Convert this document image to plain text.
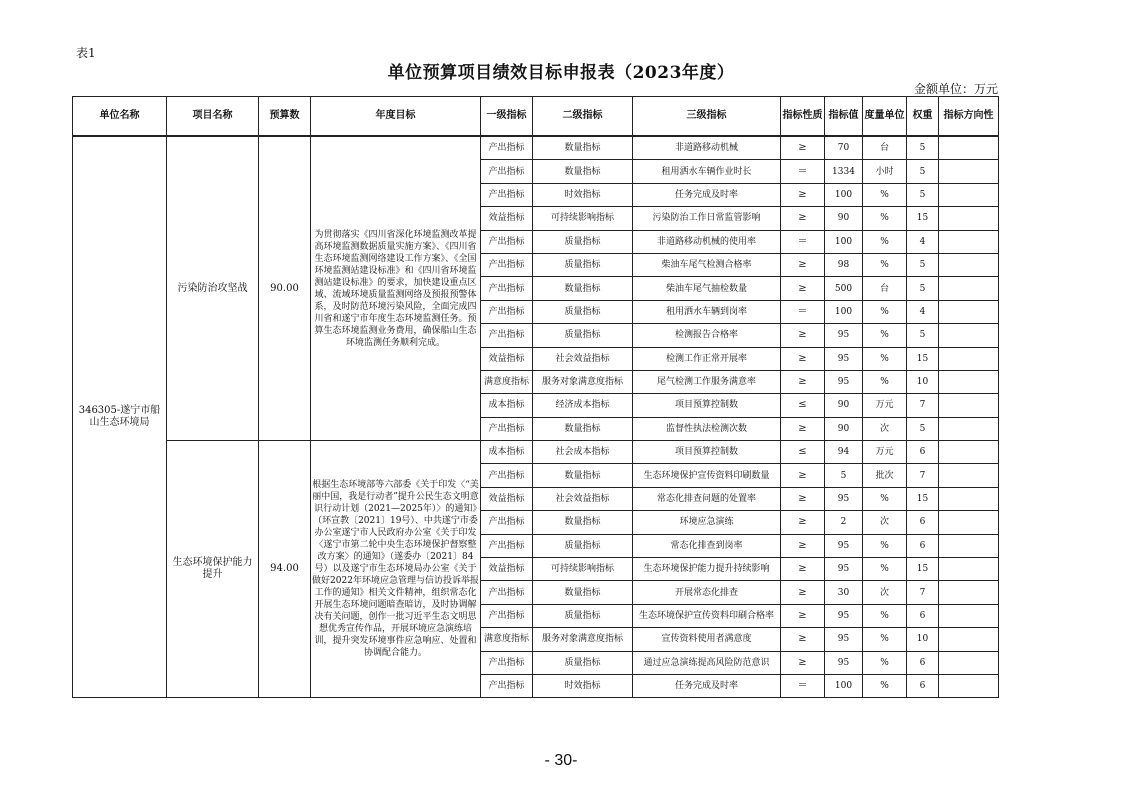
表1
单位预算项目绩效目标申报表（2023年度）
金额单位：万元
单位名称	项目名称	预算数	年度目标	一级指标	二级指标	三级指标	指标性质	指标值	度量单位	权重	指标方向性
346305-遂宁市船山生态环境局	污染防治攻坚战	90.00	为贯彻落实《四川省深化环境监测改革提高环境监测数据质量实施方案》、《四川省生态环境监测网络建设工作方案》、《全国环境监测站建设标准》和《四川省环境监测站建设标准》的要求，加快建设重点区域、流域环境质量监测网络及预报预警体系，及时防范环境污染风险，全面完成四川省和遂宁市年度生态环境监测任务。预算生态环境监测业务费用，确保船山生态环境监测任务顺利完成。	产出指标	数量指标	非道路移动机械	≥	70	台	5	
				产出指标	数量指标	租用洒水车辆作业时长	＝	1334	小时	5	
				产出指标	时效指标	任务完成及时率	≥	100	%	5	
				效益指标	可持续影响指标	污染防治工作日常监管影响	≥	90	%	15	
				产出指标	质量指标	非道路移动机械的使用率	＝	100	%	4	
				产出指标	质量指标	柴油车尾气检测合格率	≥	98	%	5	
				产出指标	数量指标	柴油车尾气抽检数量	≥	500	台	5	
				产出指标	质量指标	租用洒水车辆到岗率	＝	100	%	4	
				产出指标	质量指标	检测报告合格率	≥	95	%	5	
				效益指标	社会效益指标	检测工作正常开展率	≥	95	%	15	
				满意度指标	服务对象满意度指标	尾气检测工作服务满意率	≥	95	%	10	
				成本指标	经济成本指标	项目预算控制数	≤	90	万元	7	
				产出指标	数量指标	监督性执法检测次数	≥	90	次	5	
	生态环境保护能力提升	94.00	根据生态环境部等六部委《关于印发〈“美丽中国，我是行动者”提升公民生态文明意识行动计划（2021—2025年）〉的通知》（环宣教〔2021〕19号）、中共遂宁市委办公室遂宁市人民政府办公室《关于印发〈遂宁市第二轮中央生态环境保护督察整改方案〉的通知》（遂委办〔2021〕84号）以及遂宁市生态环境局办公室《关于做好2022年环境应急管理与信访投诉举报工作的通知》相关文件精神，组织常态化开展生态环境问题暗查暗访，及时协调解决有关问题，创作一批习近平生态文明思想优秀宣传作品，开展环境应急演练培训，提升突发环境事件应急响应、处置和协调配合能力。	成本指标	社会成本指标	项目预算控制数	≤	94	万元	6	
				产出指标	数量指标	生态环境保护宣传资料印刷数量	≥	5	批次	7	
				效益指标	社会效益指标	常态化排查问题的处置率	≥	95	%	15	
				产出指标	数量指标	环境应急演练	≥	2	次	6	
				产出指标	质量指标	常态化排查到岗率	≥	95	%	6	
				效益指标	可持续影响指标	生态环境保护能力提升持续影响	≥	95	%	15	
				产出指标	数量指标	开展常态化排查	≥	30	次	7	
				产出指标	质量指标	生态环境保护宣传资料印刷合格率	≥	95	%	6	
				满意度指标	服务对象满意度指标	宣传资料使用者满意度	≥	95	%	10	
				产出指标	质量指标	通过应急演练提高风险防范意识	≥	95	%	6	
				产出指标	时效指标	任务完成及时率	＝	100	%	6	
- 30-
